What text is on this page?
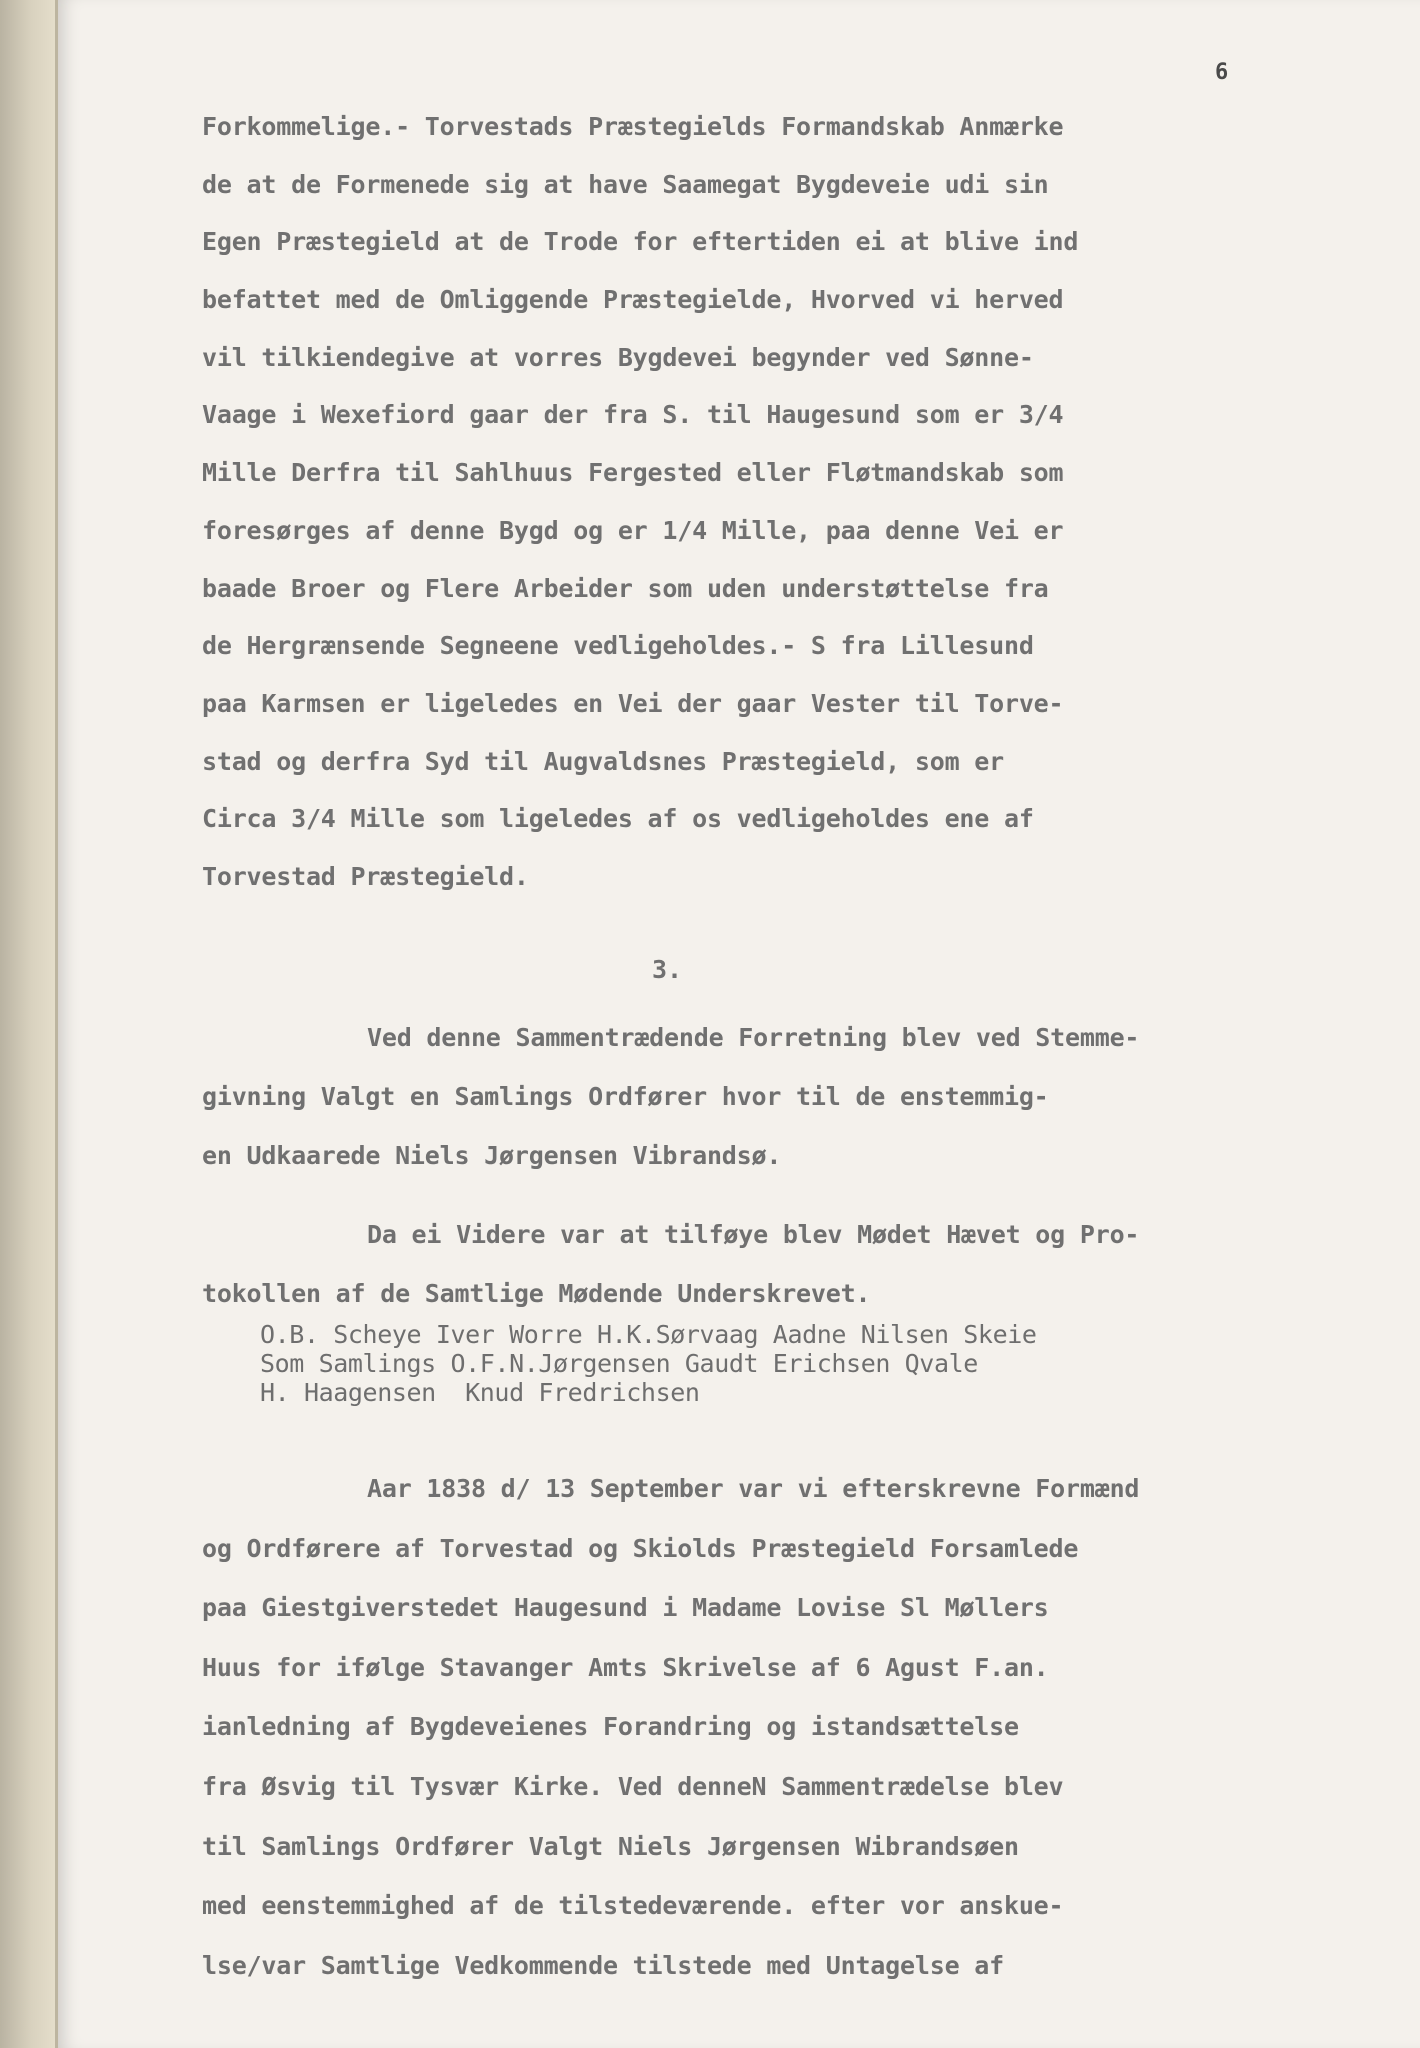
6
Forkommelige.- Torvestads Præstegields Formandskab Anmærke
de at de Formenede sig at have Saamegat Bygdeveie udi sin
Egen Præstegield at de Trode for eftertiden ei at blive ind
befattet med de Omliggende Præstegielde, Hvorved vi herved
vil tilkiendegive at vorres Bygdevei begynder ved Sønne-
Vaage i Wexefiord gaar der fra S. til Haugesund som er 3/4
Mille Derfra til Sahlhuus Fergested eller Fløtmandskab som
foresørges af denne Bygd og er 1/4 Mille, paa denne Vei er
baade Broer og Flere Arbeider som uden understøttelse fra
de Hergrænsende Segneene vedligeholdes.- S fra Lillesund
paa Karmsen er ligeledes en Vei der gaar Vester til Torve-
stad og derfra Syd til Augvaldsnes Præstegield, som er
Circa 3/4 Mille som ligeledes af os vedligeholdes ene af
Torvestad Præstegield.
3.
Ved denne Sammentrædende Forretning blev ved Stemme-
givning Valgt en Samlings Ordfører hvor til de enstemmig-
en Udkaarede Niels Jørgensen Vibrandsø.
Da ei Videre var at tilføye blev Mødet Hævet og Pro-
tokollen af de Samtlige Mødende Underskrevet.
O.B. Scheye Iver Worre H.K.Sørvaag Aadne Nilsen Skeie
Som Samlings O.F.N.Jørgensen Gaudt Erichsen Qvale
H. Haagensen  Knud Fredrichsen
Aar 1838 d/ 13 September var vi efterskrevne Formænd
og Ordførere af Torvestad og Skiolds Præstegield Forsamlede
paa Giestgiverstedet Haugesund i Madame Lovise Sl Møllers
Huus for ifølge Stavanger Amts Skrivelse af 6 Agust F.an.
ianledning af Bygdeveienes Forandring og istandsættelse
fra Øsvig til Tysvær Kirke. Ved denneN Sammentrædelse blev
til Samlings Ordfører Valgt Niels Jørgensen Wibrandsøen
med eenstemmighed af de tilstedeværende. efter vor anskue-
lse/var Samtlige Vedkommende tilstede med Untagelse af
